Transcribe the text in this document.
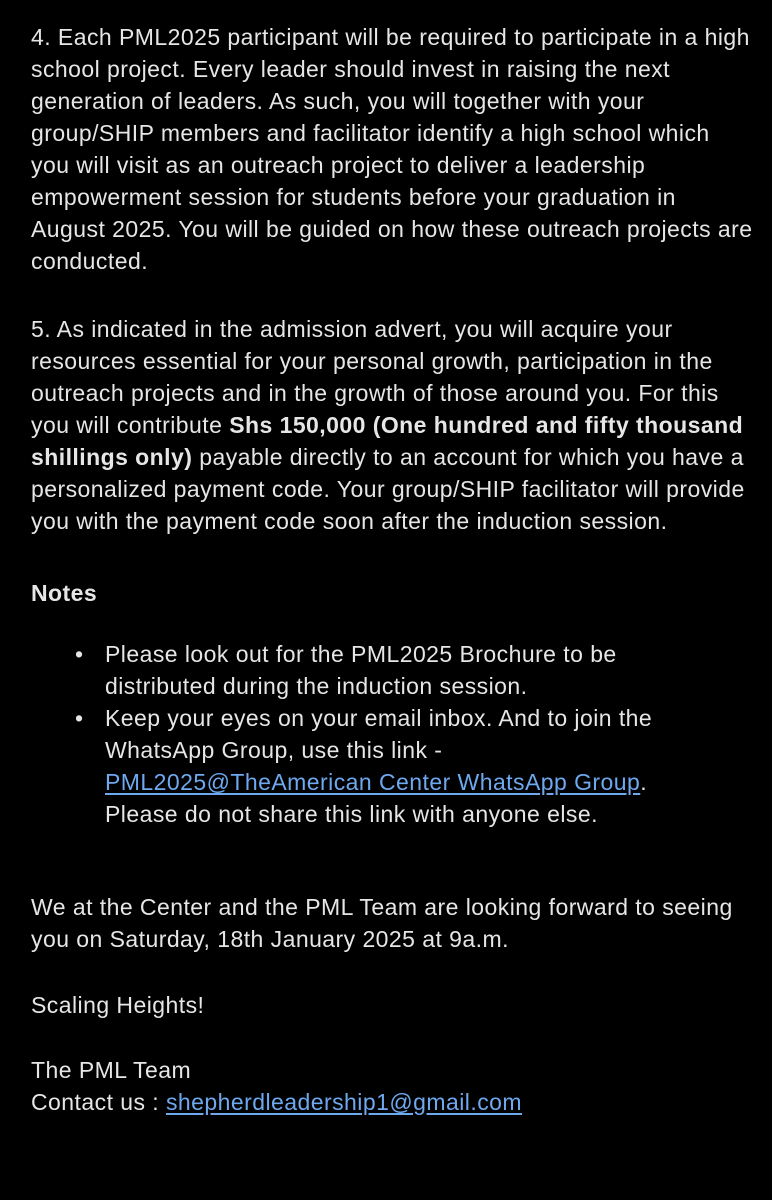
4. Each PML2025 participant will be required to participate in a high school project. Every leader should invest in raising the next generation of leaders. As such, you will together with your group/SHIP members and facilitator identify a high school which you will visit as an outreach project to deliver a leadership empowerment session for students before your graduation in August 2025. You will be guided on how these outreach projects are conducted.

5. As indicated in the admission advert, you will acquire your resources essential for your personal growth, participation in the outreach projects and in the growth of those around you. For this you will contribute Shs 150,000 (One hundred and fifty thousand shillings only) payable directly to an account for which you have a personalized payment code. Your group/SHIP facilitator will provide you with the payment code soon after the induction session.

Notes

• Please look out for the PML2025 Brochure to be distributed during the induction session.
• Keep your eyes on your email inbox. And to join the WhatsApp Group, use this link - PML2025@TheAmerican Center WhatsApp Group. Please do not share this link with anyone else.

We at the Center and the PML Team are looking forward to seeing you on Saturday, 18th January 2025 at 9a.m.

Scaling Heights!

The PML Team
Contact us : shepherdleadership1@gmail.com
